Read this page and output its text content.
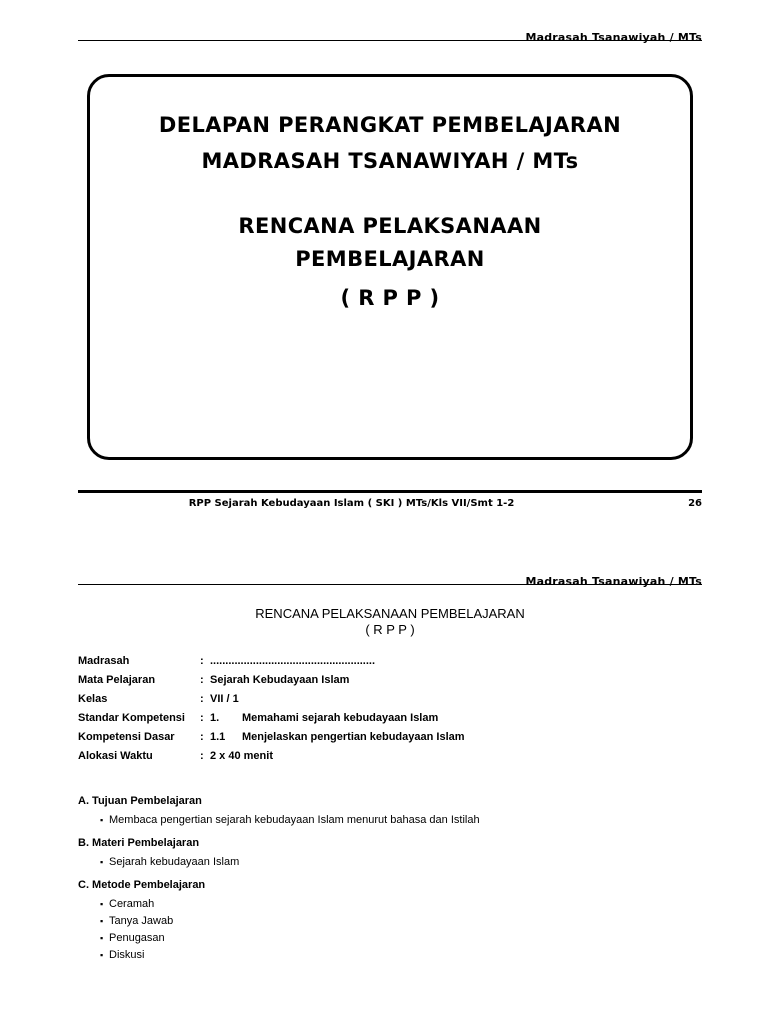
Madrasah Tsanawiyah / MTs
DELAPAN PERANGKAT PEMBELAJARAN
MADRASAH TSANAWIYAH / MTs
RENCANA PELAKSANAAN
PEMBELAJARAN
( R P P )
RPP Sejarah Kebudayaan Islam ( SKI ) MTs/Kls VII/Smt 1-2	26
Madrasah Tsanawiyah / MTs
RENCANA PELAKSANAAN PEMBELAJARAN
( R P P )
Madrasah	: ......................................................
Mata Pelajaran	: Sejarah Kebudayaan Islam
Kelas	: VII / 1
Standar Kompetensi : 1. Memahami sejarah kebudayaan Islam
Kompetensi Dasar : 1.1 Menjelaskan pengertian kebudayaan Islam
Alokasi Waktu	: 2 x 40 menit
A. Tujuan Pembelajaran
▪ Membaca pengertian sejarah kebudayaan Islam menurut bahasa dan Istilah
B. Materi Pembelajaran
▪ Sejarah kebudayaan Islam
C. Metode Pembelajaran
▪ Ceramah
▪ Tanya Jawab
▪ Penugasan
▪ Diskusi
